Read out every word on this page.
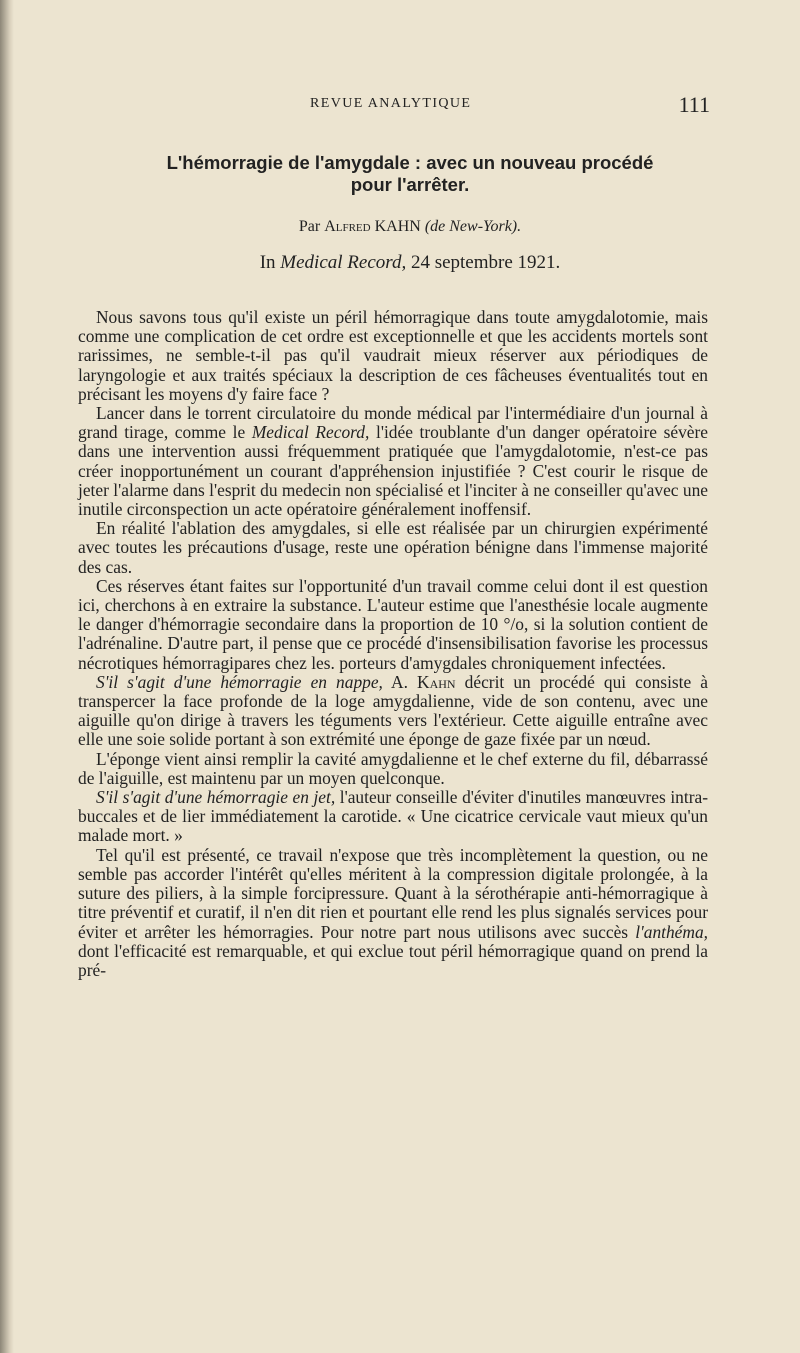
REVUE ANALYTIQUE	111
L'hémorragie de l'amygdale : avec un nouveau procédé
pour l'arrêter.
Par Alfred KAHN (de New-York).
In Medical Record, 24 septembre 1921.

Nous savons tous qu'il existe un péril hémorragique dans toute amygdalotomie, mais comme une complication de cet ordre est exceptionnelle et que les accidents mortels sont rarissimes, ne semble-t-il pas qu'il vaudrait mieux réserver aux périodiques de laryngologie et aux traités spéciaux la description de ces fâcheuses éventualités tout en précisant les moyens d'y faire face ?

Lancer dans le torrent circulatoire du monde médical par l'intermédiaire d'un journal à grand tirage, comme le Medical Record, l'idée troublante d'un danger opératoire sévère dans une intervention aussi fréquemment pratiquée que l'amygdalotomie, n'est-ce pas créer inopportunément un courant d'appréhension injustifiée ? C'est courir le risque de jeter l'alarme dans l'esprit du medecin non spécialisé et l'inciter à ne conseiller qu'avec une inutile circonspection un acte opératoire généralement inoffensif.

En réalité l'ablation des amygdales, si elle est réalisée par un chirurgien expérimenté avec toutes les précautions d'usage, reste une opération bénigne dans l'immense majorité des cas.

Ces réserves étant faites sur l'opportunité d'un travail comme celui dont il est question ici, cherchons à en extraire la substance. L'auteur estime que l'anesthésie locale augmente le danger d'hémorragie secondaire dans la proportion de 10 °/o, si la solution contient de l'adrénaline. D'autre part, il pense que ce procédé d'insensibilisation favorise les processus nécrotiques hémorragipares chez les. porteurs d'amygdales chroniquement infectées.

S'il s'agit d'une hémorragie en nappe, A. Kahn décrit un procédé qui consiste à transpercer la face profonde de la loge amygdalienne, vide de son contenu, avec une aiguille qu'on dirige à travers les téguments vers l'extérieur. Cette aiguille entraîne avec elle une soie solide portant à son extrémité une éponge de gaze fixée par un nœud.

L'éponge vient ainsi remplir la cavité amygdalienne et le chef externe du fil, débarrassé de l'aiguille, est maintenu par un moyen quelconque.

S'il s'agit d'une hémorragie en jet, l'auteur conseille d'éviter d'inutiles manœuvres intra-buccales et de lier immédiatement la carotide. « Une cicatrice cervicale vaut mieux qu'un malade mort. »

Tel qu'il est présenté, ce travail n'expose que très incomplètement la question, ou ne semble pas accorder l'intérêt qu'elles méritent à la compression digitale prolongée, à la suture des piliers, à la simple forcipressure. Quant à la sérothérapie anti-hémorragique à titre préventif et curatif, il n'en dit rien et pourtant elle rend les plus signalés services pour éviter et arrêter les hémorragies. Pour notre part nous utilisons avec succès l'anthéma, dont l'efficacité est remarquable, et qui exclue tout péril hémorragique quand on prend la pré-
